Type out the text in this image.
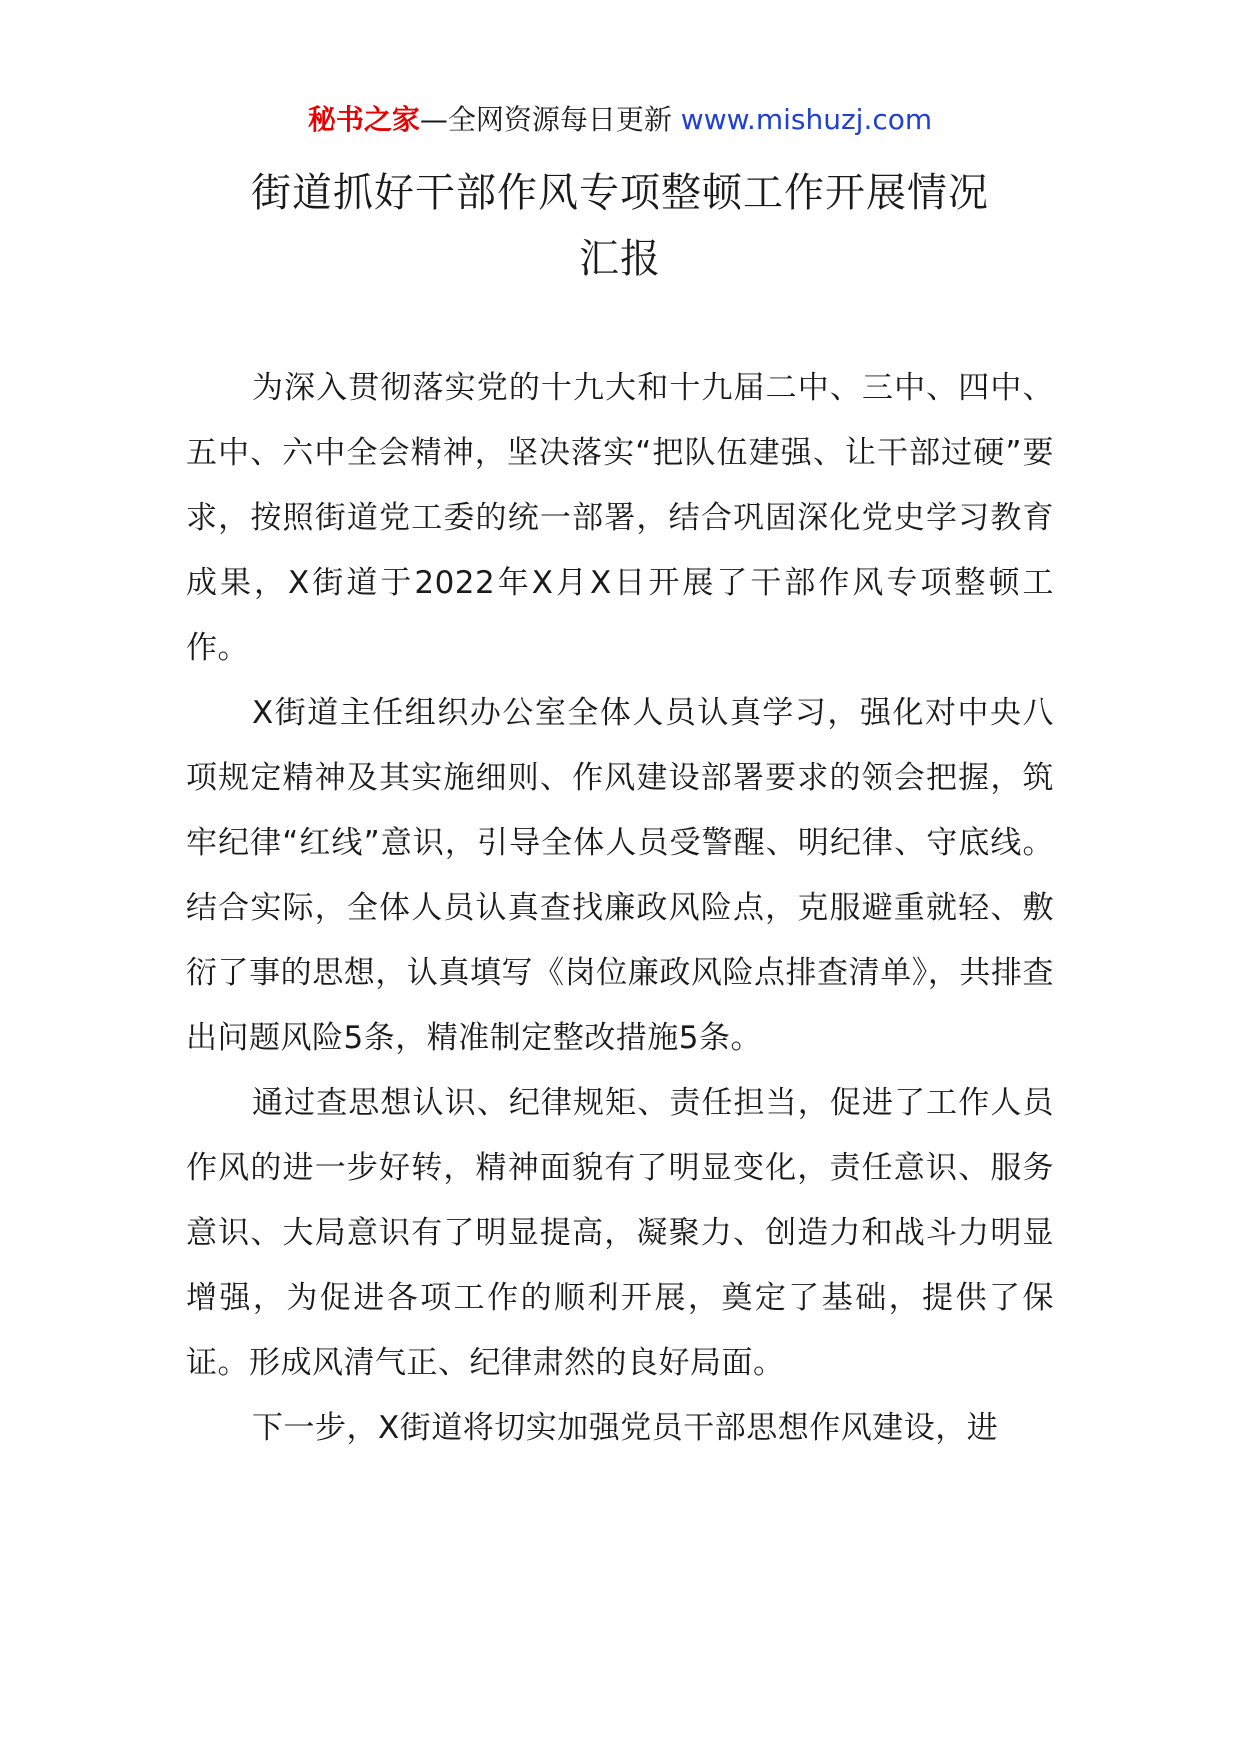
秘书之家—全网资源每日更新 www.mishuzj.com
街道抓好干部作风专项整顿工作开展情况
汇报

为深入贯彻落实党的十九大和十九届二中、三中、四中、五中、六中全会精神，坚决落实“把队伍建强、让干部过硬”要求，按照街道党工委的统一部署，结合巩固深化党史学习教育成果，X街道于2022年X月X日开展了干部作风专项整顿工作。

X街道主任组织办公室全体人员认真学习，强化对中央八项规定精神及其实施细则、作风建设部署要求的领会把握，筑牢纪律“红线”意识，引导全体人员受警醒、明纪律、守底线。结合实际，全体人员认真查找廉政风险点，克服避重就轻、敷衍了事的思想，认真填写《岗位廉政风险点排查清单》，共排查出问题风险5条，精准制定整改措施5条。

通过查思想认识、纪律规矩、责任担当，促进了工作人员作风的进一步好转，精神面貌有了明显变化，责任意识、服务意识、大局意识有了明显提高，凝聚力、创造力和战斗力明显增强，为促进各项工作的顺利开展，奠定了基础，提供了保证。形成风清气正、纪律肃然的良好局面。

下一步，X街道将切实加强党员干部思想作风建设，进
